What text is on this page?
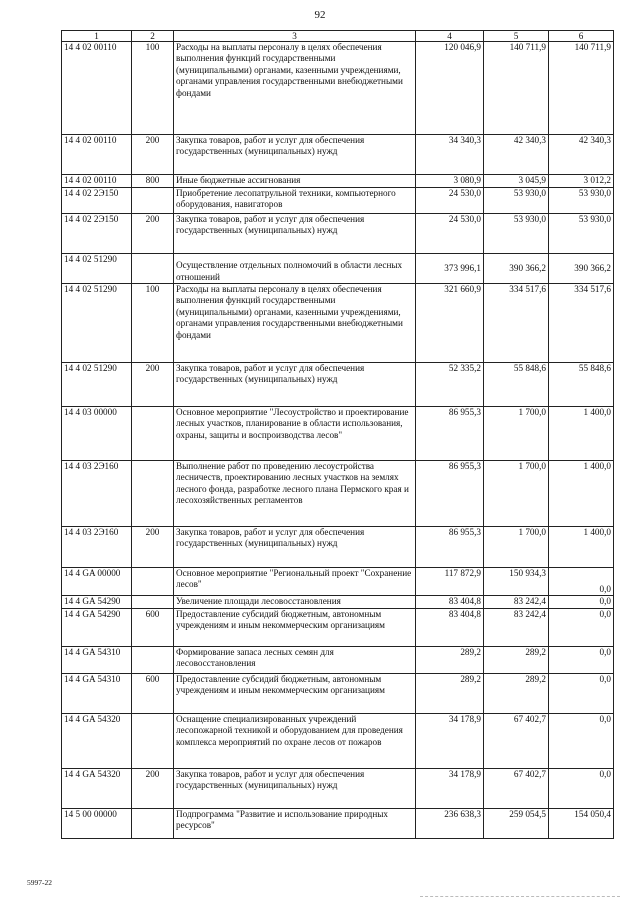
92
1	2	3	4	5	6
14 4 02 00110	100	Расходы на выплаты персоналу в целях обеспечения выполнения функций государственными (муниципальными) органами, казенными учреждениями, органами управления государственными внебюджетными фондами	120 046,9	140 711,9	140 711,9
14 4 02 00110	200	Закупка товаров, работ и услуг для обеспечения государственных (муниципальных) нужд	34 340,3	42 340,3	42 340,3
14 4 02 00110	800	Иные бюджетные ассигнования	3 080,9	3 045,9	3 012,2
14 4 02 2Э150		Приобретение лесопатрульной техники, компьютерного оборудования, навигаторов	24 530,0	53 930,0	53 930,0
14 4 02 2Э150	200	Закупка товаров, работ и услуг для обеспечения государственных (муниципальных) нужд	24 530,0	53 930,0	53 930,0
14 4 02 51290		Осуществление отдельных полномочий в области лесных отношений	373 996,1	390 366,2	390 366,2
14 4 02 51290	100	Расходы на выплаты персоналу в целях обеспечения выполнения функций государственными (муниципальными) органами, казенными учреждениями, органами управления государственными внебюджетными фондами	321 660,9	334 517,6	334 517,6
14 4 02 51290	200	Закупка товаров, работ и услуг для обеспечения государственных (муниципальных) нужд	52 335,2	55 848,6	55 848,6
14 4 03 00000		Основное мероприятие "Лесоустройство и проектирование лесных участков, планирование в области использования, охраны, защиты и воспроизводства лесов"	86 955,3	1 700,0	1 400,0
14 4 03 2Э160		Выполнение работ по проведению лесоустройства лесничеств, проектированию лесных участков на землях лесного фонда, разработке лесного плана Пермского края и лесохозяйственных регламентов	86 955,3	1 700,0	1 400,0
14 4 03 2Э160	200	Закупка товаров, работ и услуг для обеспечения государственных (муниципальных) нужд	86 955,3	1 700,0	1 400,0
14 4 GA 00000		Основное мероприятие "Региональный проект "Сохранение лесов"	117 872,9	150 934,3	0,0
14 4 GA 54290		Увеличение площади лесовосстановления	83 404,8	83 242,4	0,0
14 4 GA 54290	600	Предоставление субсидий бюджетным, автономным учреждениям и иным некоммерческим организациям	83 404,8	83 242,4	0,0
14 4 GA 54310		Формирование запаса лесных семян для лесовосстановления	289,2	289,2	0,0
14 4 GA 54310	600	Предоставление субсидий бюджетным, автономным учреждениям и иным некоммерческим организациям	289,2	289,2	0,0
14 4 GA 54320		Оснащение специализированных учреждений лесопожарной техникой и оборудованием для проведения комплекса мероприятий по охране лесов от пожаров	34 178,9	67 402,7	0,0
14 4 GA 54320	200	Закупка товаров, работ и услуг для обеспечения государственных (муниципальных) нужд	34 178,9	67 402,7	0,0
14 5 00 00000		Подпрограмма "Развитие и использование природных ресурсов"	236 638,3	259 054,5	154 050,4
5997-22
